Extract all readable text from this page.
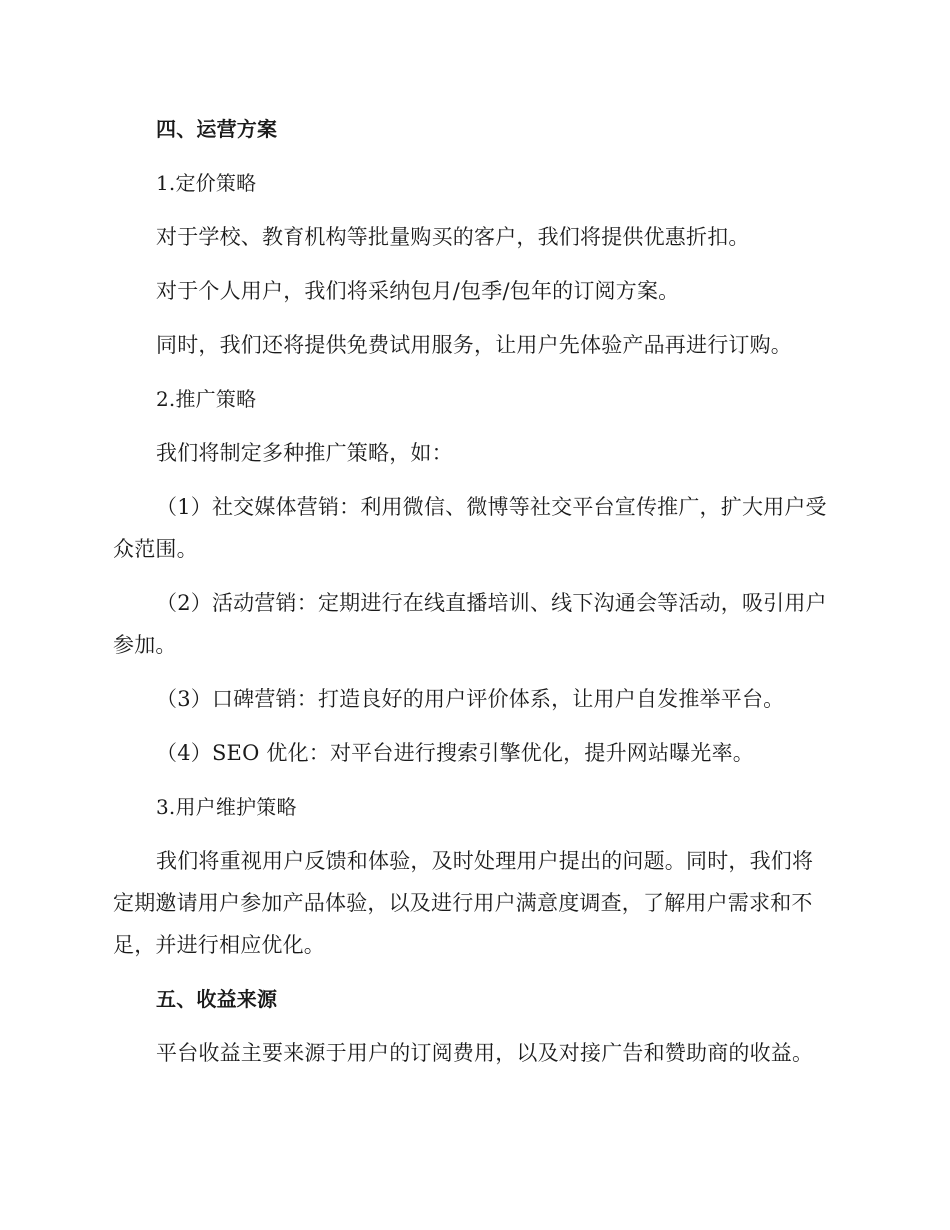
四、运营方案

1.定价策略

对于学校、教育机构等批量购买的客户，我们将提供优惠折扣。

对于个人用户，我们将采纳包月/包季/包年的订阅方案。

同时，我们还将提供免费试用服务，让用户先体验产品再进行订购。

2.推广策略

我们将制定多种推广策略，如：

（1）社交媒体营销：利用微信、微博等社交平台宣传推广，扩大用户受众范围。

（2）活动营销：定期进行在线直播培训、线下沟通会等活动，吸引用户参加。

（3）口碑营销：打造良好的用户评价体系，让用户自发推举平台。

（4）SEO 优化：对平台进行搜索引擎优化，提升网站曝光率。

3.用户维护策略

我们将重视用户反馈和体验，及时处理用户提出的问题。同时，我们将定期邀请用户参加产品体验，以及进行用户满意度调查，了解用户需求和不足，并进行相应优化。

五、收益来源

平台收益主要来源于用户的订阅费用，以及对接广告和赞助商的收益。
